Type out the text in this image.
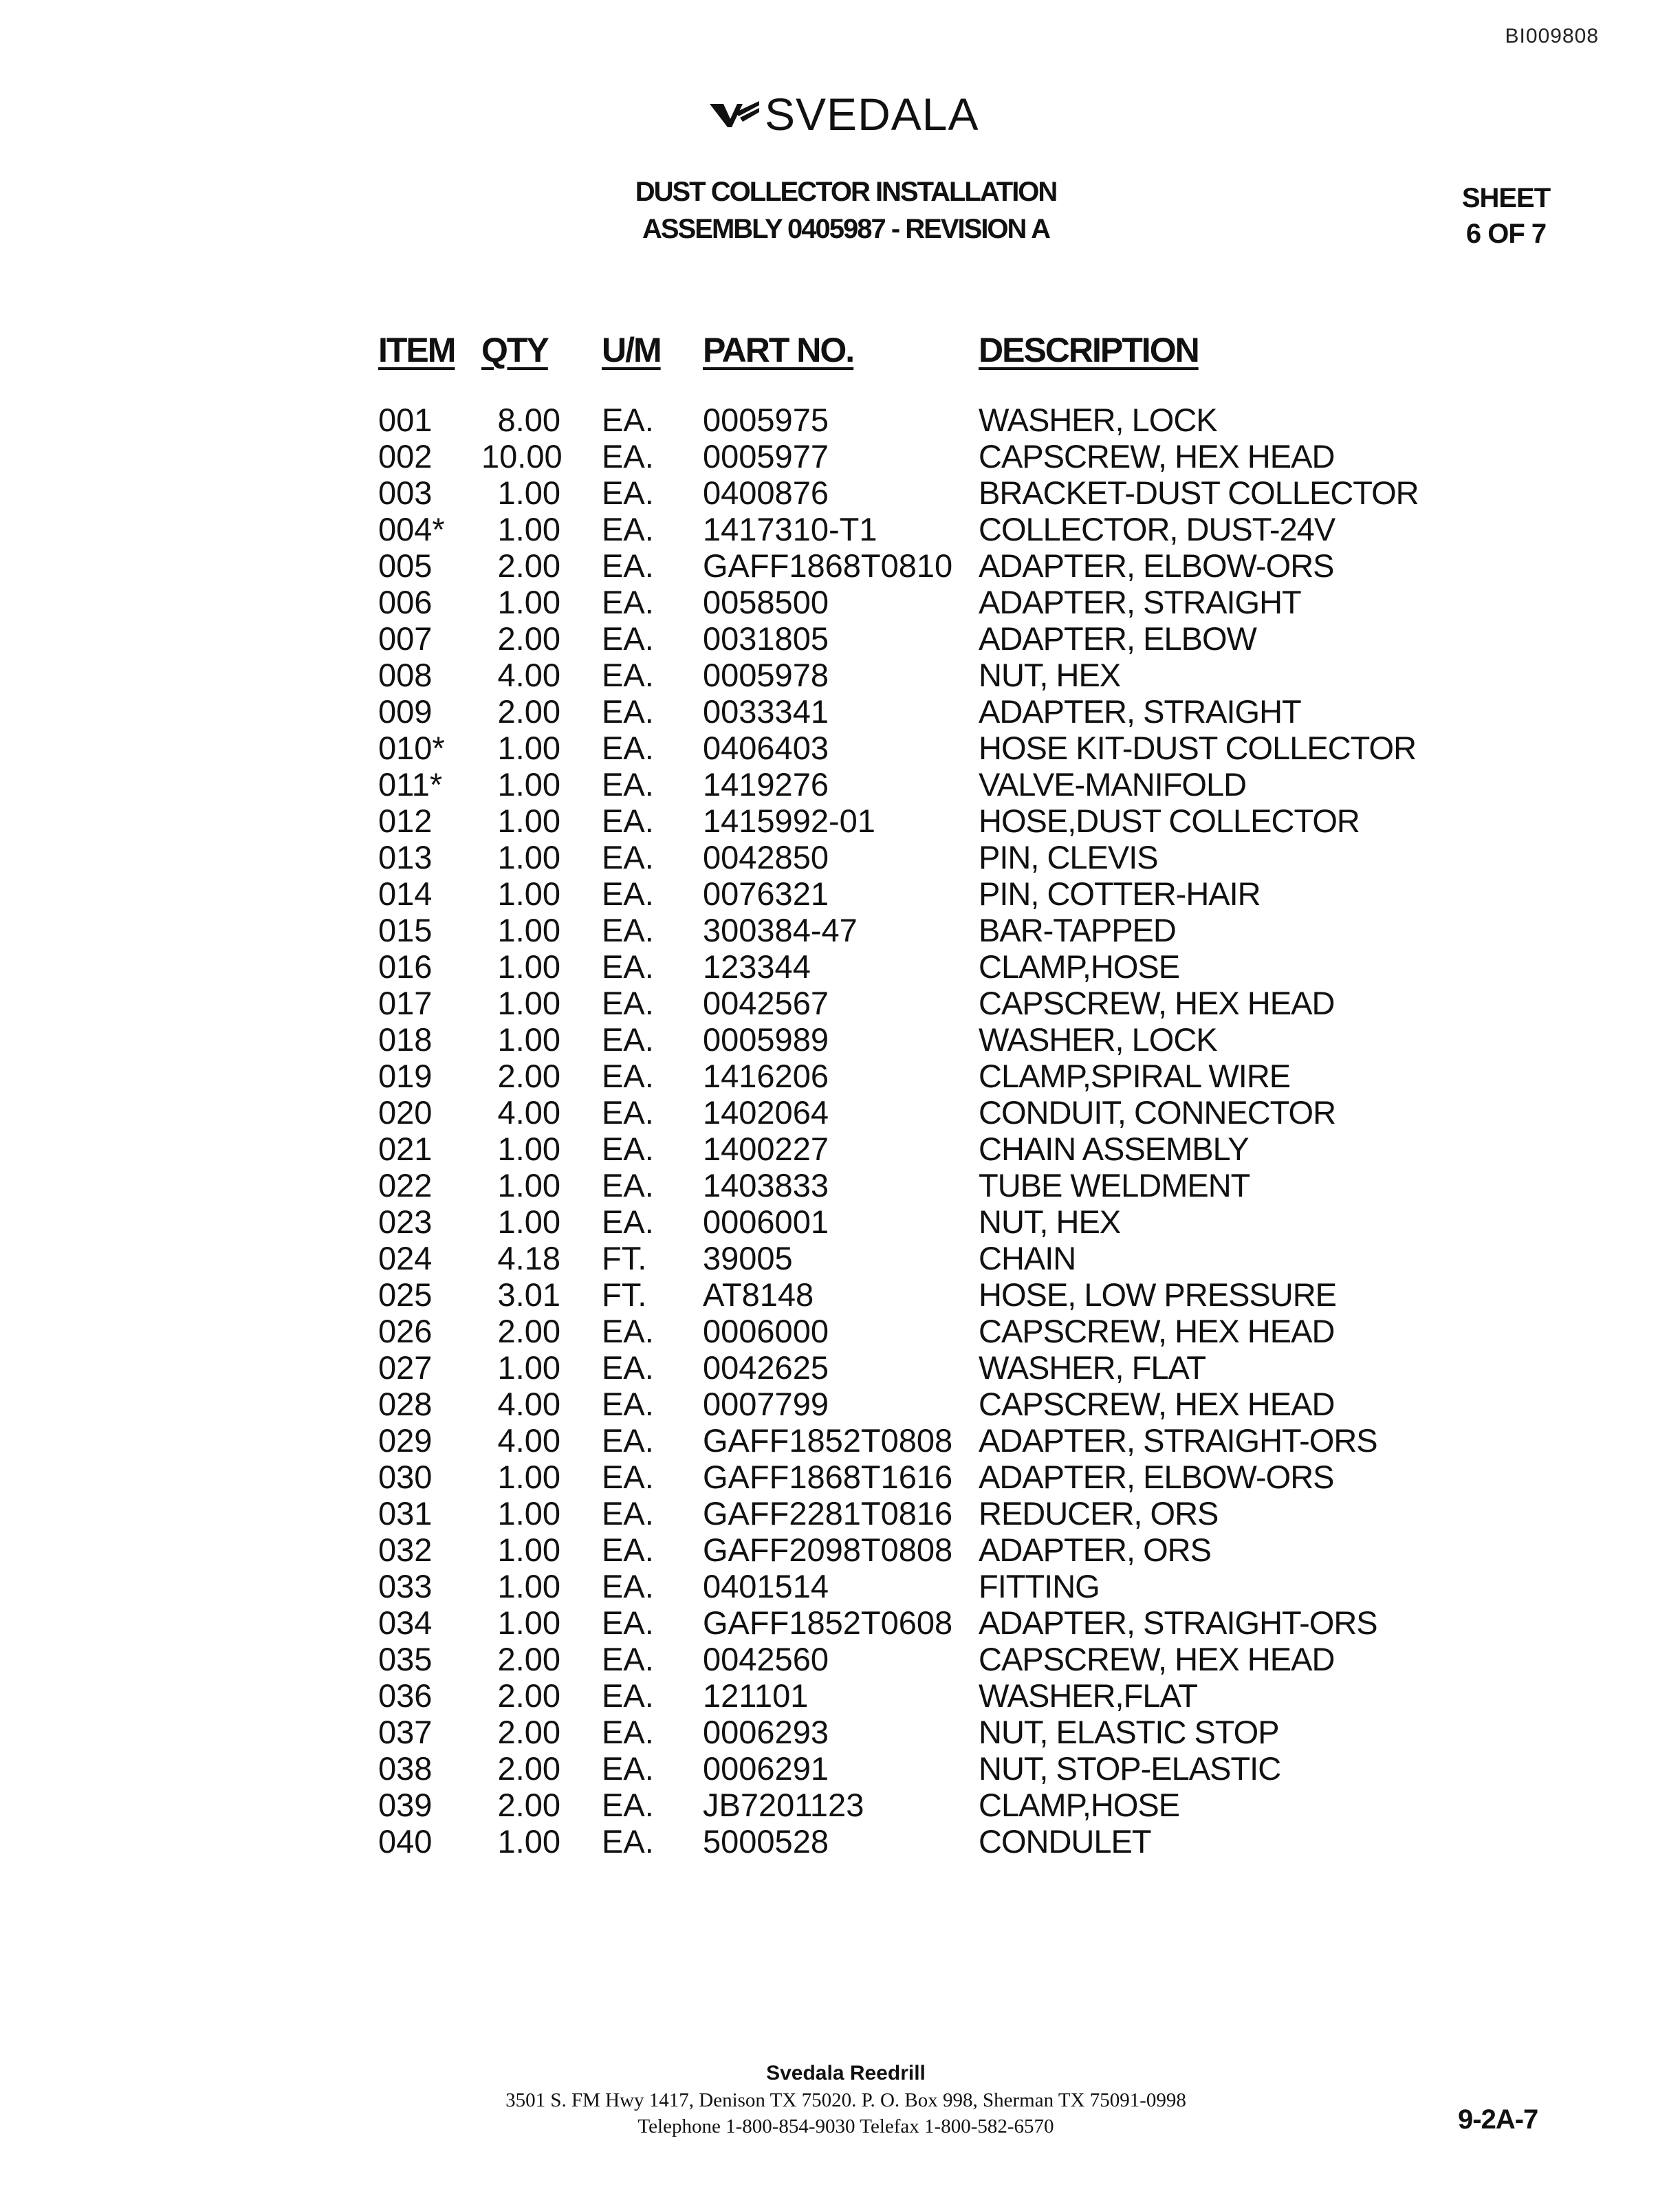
BI009808
SVEDALA
DUST COLLECTOR INSTALLATION
ASSEMBLY 0405987 - REVISION A
SHEET
6 OF 7
ITEM QTY U/M PART NO.	DESCRIPTION
001	8.00 EA. 0005975	WASHER, LOCK
002 10.00 EA. 0005977	CAPSCREW, HEX HEAD
003	1.00 EA. 0400876	BRACKET-DUST COLLECTOR
004*	1.00 EA. 1417310-T1	COLLECTOR, DUST-24V
005	2.00 EA. GAFF1868T0810 ADAPTER, ELBOW-ORS
006	1.00 EA. 0058500	ADAPTER, STRAIGHT
007	2.00 EA. 0031805	ADAPTER, ELBOW
008	4.00 EA. 0005978	NUT, HEX
009	2.00 EA. 0033341	ADAPTER, STRAIGHT
010*	1.00 EA. 0406403	HOSE KIT-DUST COLLECTOR
011*	1.00 EA. 1419276	VALVE-MANIFOLD
012	1.00 EA. 1415992-01	HOSE,DUST COLLECTOR
013	1.00 EA. 0042850	PIN, CLEVIS
014	1.00 EA. 0076321	PIN, COTTER-HAIR
015	1.00 EA. 300384-47	BAR-TAPPED
016	1.00 EA. 123344	CLAMP,HOSE
017	1.00 EA. 0042567	CAPSCREW, HEX HEAD
018	1.00 EA. 0005989	WASHER, LOCK
019	2.00 EA. 1416206	CLAMP,SPIRAL WIRE
020	4.00 EA. 1402064	CONDUIT, CONNECTOR
021	1.00 EA. 1400227	CHAIN ASSEMBLY
022	1.00 EA. 1403833	TUBE WELDMENT
023	1.00 EA. 0006001	NUT, HEX
024	4.18 FT. 39005	CHAIN
025	3.01 FT. AT8148	HOSE, LOW PRESSURE
026	2.00 EA. 0006000	CAPSCREW, HEX HEAD
027	1.00 EA. 0042625	WASHER, FLAT
028	4.00 EA. 0007799	CAPSCREW, HEX HEAD
029	4.00 EA. GAFF1852T0808 ADAPTER, STRAIGHT-ORS
030	1.00 EA. GAFF1868T1616 ADAPTER, ELBOW-ORS
031	1.00 EA. GAFF2281T0816 REDUCER, ORS
032	1.00 EA. GAFF2098T0808 ADAPTER, ORS
033	1.00 EA. 0401514	FITTING
034	1.00 EA. GAFF1852T0608 ADAPTER, STRAIGHT-ORS
035	2.00 EA. 0042560	CAPSCREW, HEX HEAD
036	2.00 EA. 121101	WASHER,FLAT
037	2.00 EA. 0006293	NUT, ELASTIC STOP
038	2.00 EA. 0006291	NUT, STOP-ELASTIC
039	2.00 EA. JB7201123	CLAMP,HOSE
040	1.00 EA. 5000528	CONDULET
Svedala Reedrill
3501 S. FM Hwy 1417, Denison TX 75020. P. O. Box 998, Sherman TX 75091-0998
Telephone 1-800-854-9030 Telefax 1-800-582-6570	9-2A-7
